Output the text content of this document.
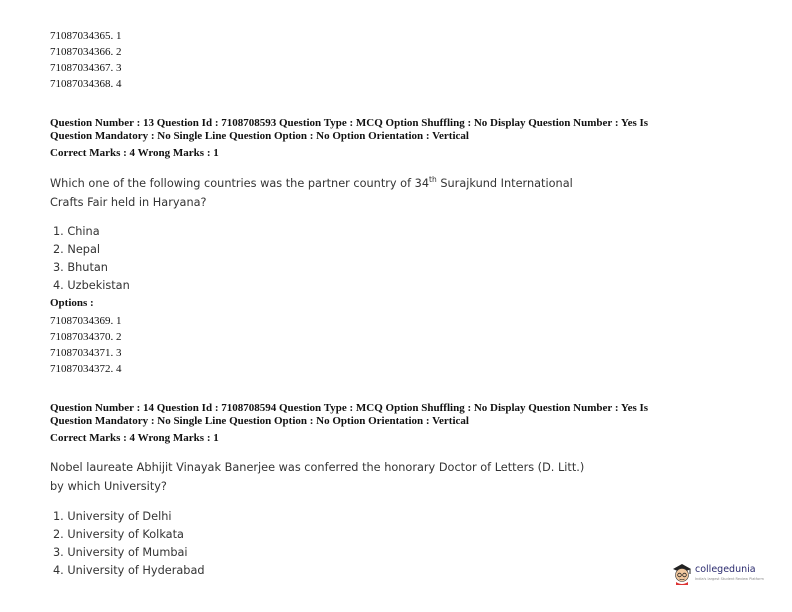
71087034365. 1
71087034366. 2
71087034367. 3
71087034368. 4
Question Number : 13 Question Id : 7108708593 Question Type : MCQ Option Shuffling : No Display Question Number : Yes Is
Question Mandatory : No Single Line Question Option : No Option Orientation : Vertical
Correct Marks : 4 Wrong Marks : 1
Which one of the following countries was the partner country of 34th Surajkund International
Crafts Fair held in Haryana?
1. China
2. Nepal
3. Bhutan
4. Uzbekistan
Options :
71087034369. 1
71087034370. 2
71087034371. 3
71087034372. 4
Question Number : 14 Question Id : 7108708594 Question Type : MCQ Option Shuffling : No Display Question Number : Yes Is
Question Mandatory : No Single Line Question Option : No Option Orientation : Vertical
Correct Marks : 4 Wrong Marks : 1
Nobel laureate Abhijit Vinayak Banerjee was conferred the honorary Doctor of Letters (D. Litt.)
by which University?
1. University of Delhi
2. University of Kolkata
3. University of Mumbai
4. University of Hyderabad	collegedunia
India's largest Student Review Platform
